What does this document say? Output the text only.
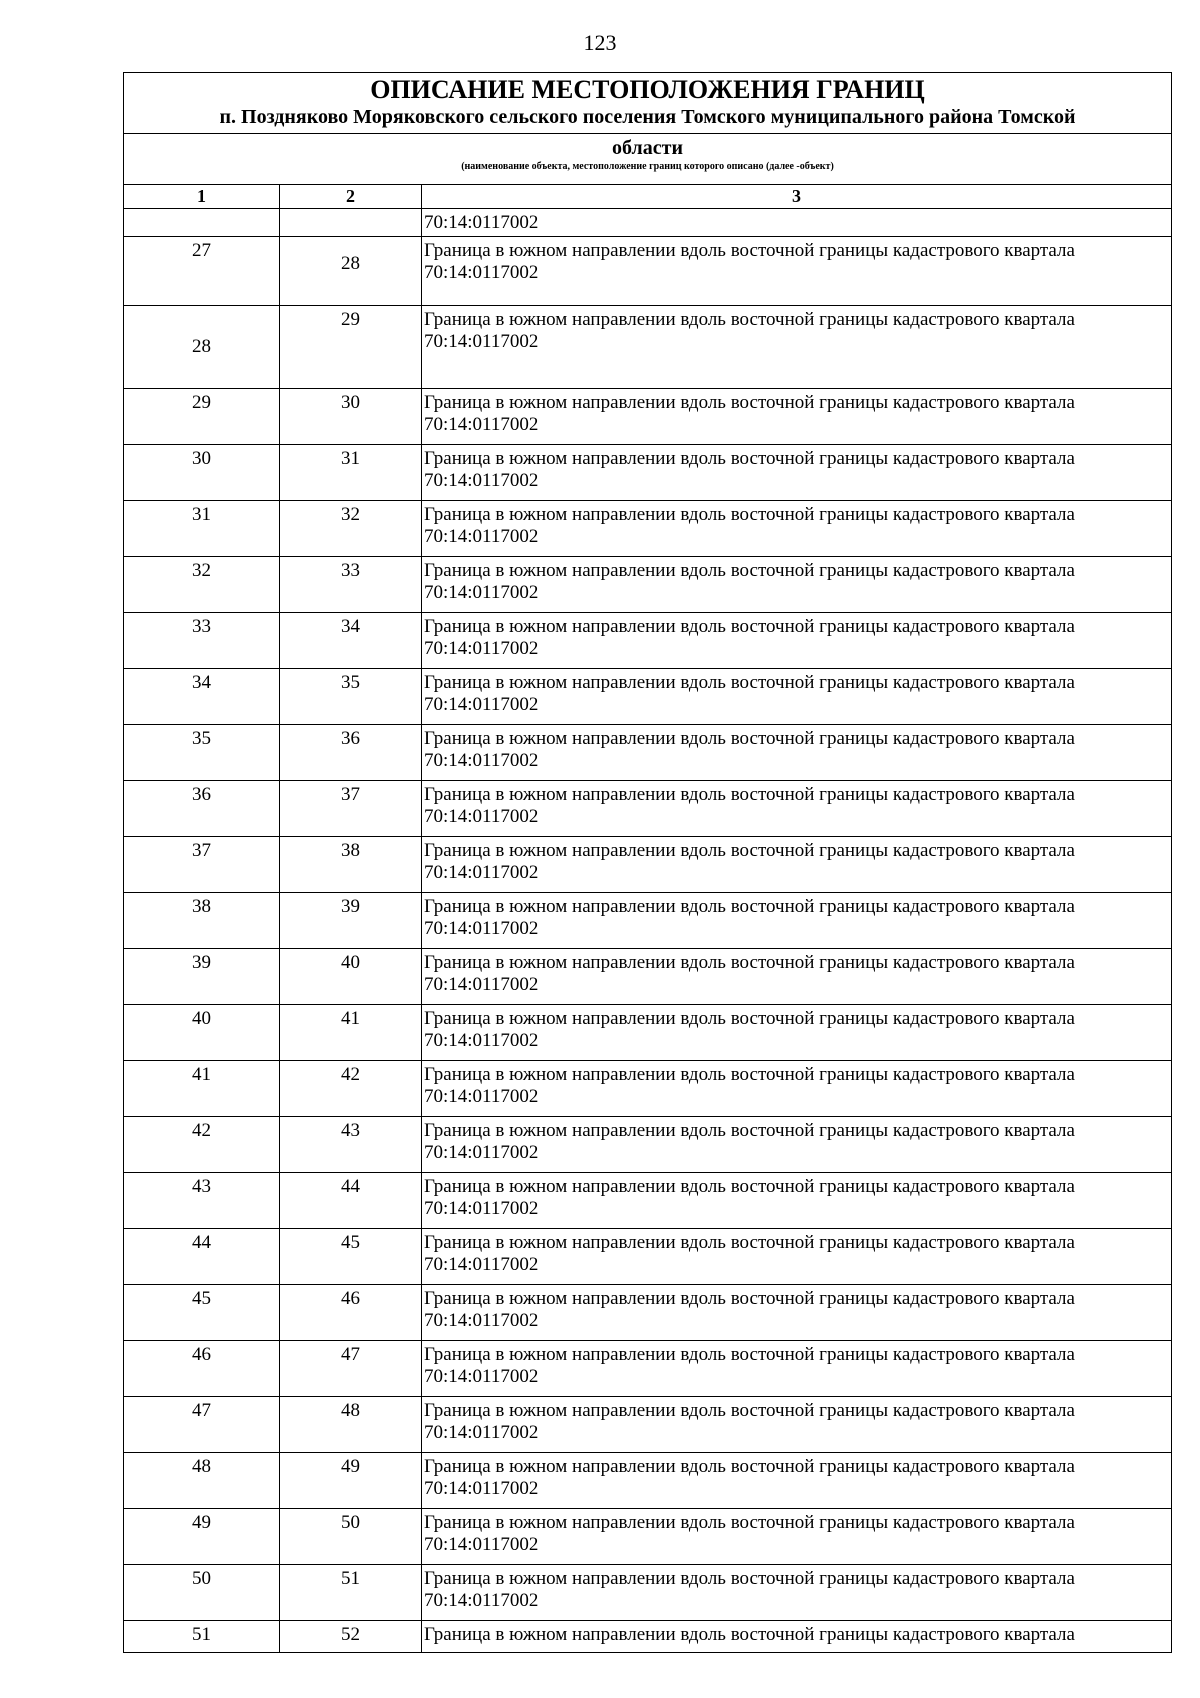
123
ОПИСАНИЕ МЕСТОПОЛОЖЕНИЯ ГРАНИЦ
п. Поздняково Моряковского сельского поселения Томского муниципального района Томской		

области
(наименование объекта, местоположение границ которого описано (далее -объект)		

1	2	3
		70:14:0117002
27	28	Граница в южном направлении вдоль восточной границы кадастрового квартала
70:14:0117002

28	29	Граница в южном направлении вдоль восточной границы кадастрового квартала
70:14:0117002

29	30	Граница в южном направлении вдоль восточной границы кадастрового квартала
70:14:0117002

30	31	Граница в южном направлении вдоль восточной границы кадастрового квартала
70:14:0117002

31	32	Граница в южном направлении вдоль восточной границы кадастрового квартала
70:14:0117002

32	33	Граница в южном направлении вдоль восточной границы кадастрового квартала
70:14:0117002

33	34	Граница в южном направлении вдоль восточной границы кадастрового квартала
70:14:0117002

34	35	Граница в южном направлении вдоль восточной границы кадастрового квартала
70:14:0117002

35	36	Граница в южном направлении вдоль восточной границы кадастрового квартала
70:14:0117002

36	37	Граница в южном направлении вдоль восточной границы кадастрового квартала
70:14:0117002

37	38	Граница в южном направлении вдоль восточной границы кадастрового квартала
70:14:0117002

38	39	Граница в южном направлении вдоль восточной границы кадастрового квартала
70:14:0117002

39	40	Граница в южном направлении вдоль восточной границы кадастрового квартала
70:14:0117002

40	41	Граница в южном направлении вдоль восточной границы кадастрового квартала
70:14:0117002

41	42	Граница в южном направлении вдоль восточной границы кадастрового квартала
70:14:0117002

42	43	Граница в южном направлении вдоль восточной границы кадастрового квартала
70:14:0117002

43	44	Граница в южном направлении вдоль восточной границы кадастрового квартала
70:14:0117002

44	45	Граница в южном направлении вдоль восточной границы кадастрового квартала
70:14:0117002

45	46	Граница в южном направлении вдоль восточной границы кадастрового квартала
70:14:0117002

46	47	Граница в южном направлении вдоль восточной границы кадастрового квартала
70:14:0117002

47	48	Граница в южном направлении вдоль восточной границы кадастрового квартала
70:14:0117002

48	49	Граница в южном направлении вдоль восточной границы кадастрового квартала
70:14:0117002

49	50	Граница в южном направлении вдоль восточной границы кадастрового квартала
70:14:0117002

50	51	Граница в южном направлении вдоль восточной границы кадастрового квартала
70:14:0117002

51	52	Граница в южном направлении вдоль восточной границы кадастрового квартала
